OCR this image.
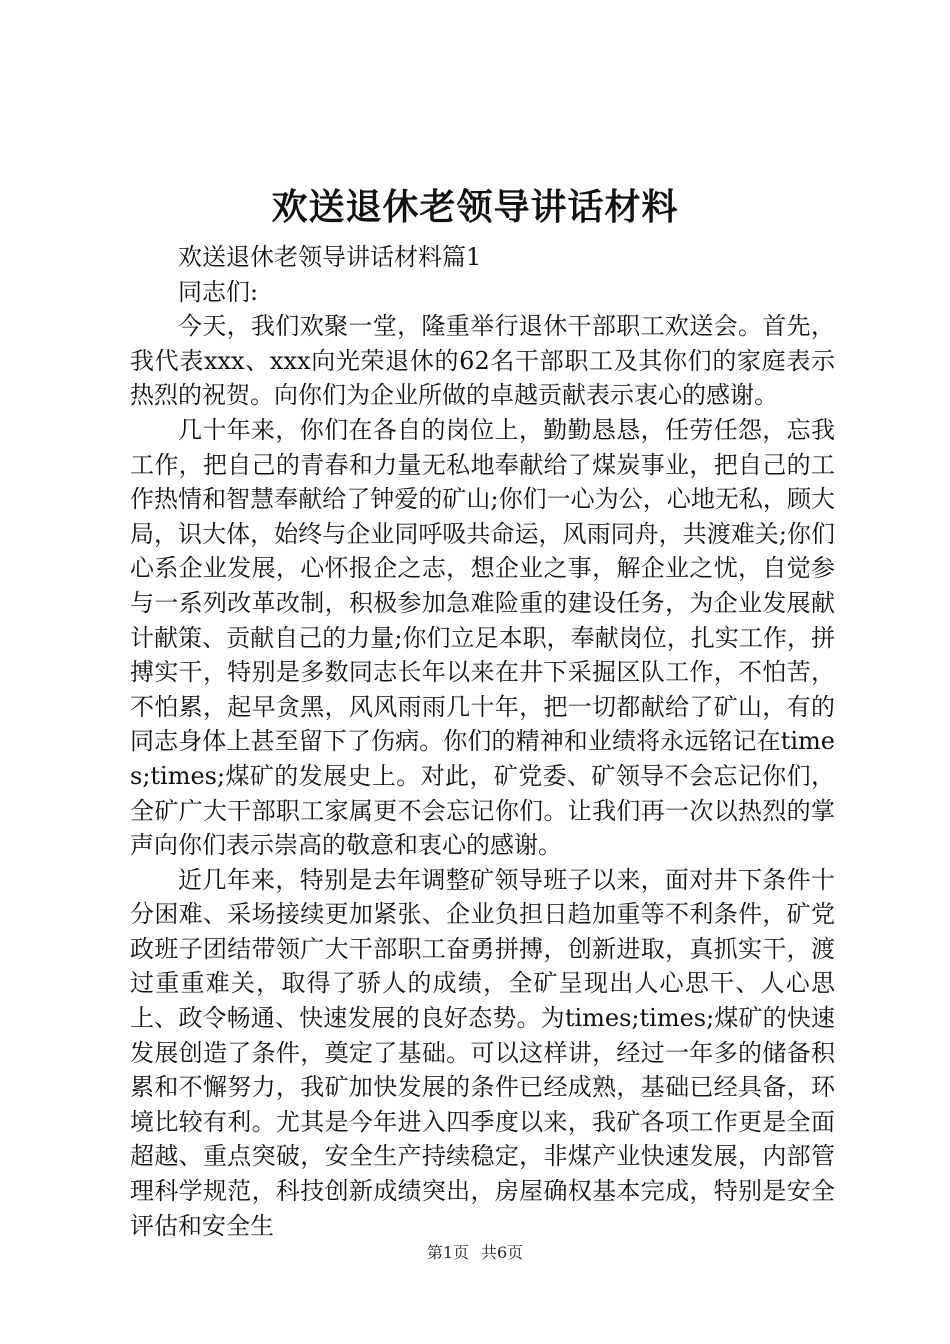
欢送退休老领导讲话材料

欢送退休老领导讲话材料篇1

同志们:

今天，我们欢聚一堂，隆重举行退休干部职工欢送会。首先，我代表xxx、xxx向光荣退休的62名干部职工及其你们的家庭表示热烈的祝贺。向你们为企业所做的卓越贡献表示衷心的感谢。

几十年来，你们在各自的岗位上，勤勤恳恳，任劳任怨，忘我工作，把自己的青春和力量无私地奉献给了煤炭事业，把自己的工作热情和智慧奉献给了钟爱的矿山;你们一心为公，心地无私，顾大局，识大体，始终与企业同呼吸共命运，风雨同舟，共渡难关;你们心系企业发展，心怀报企之志，想企业之事，解企业之忧，自觉参与一系列改革改制，积极参加急难险重的建设任务，为企业发展献计献策、贡献自己的力量;你们立足本职，奉献岗位，扎实工作，拼搏实干，特别是多数同志长年以来在井下采掘区队工作，不怕苦，不怕累，起早贪黑，风风雨雨几十年，把一切都献给了矿山，有的同志身体上甚至留下了伤病。你们的精神和业绩将永远铭记在times;times;煤矿的发展史上。对此，矿党委、矿领导不会忘记你们，全矿广大干部职工家属更不会忘记你们。让我们再一次以热烈的掌声向你们表示崇高的敬意和衷心的感谢。

近几年来，特别是去年调整矿领导班子以来，面对井下条件十分困难、采场接续更加紧张、企业负担日趋加重等不利条件，矿党政班子团结带领广大干部职工奋勇拼搏，创新进取，真抓实干，渡过重重难关，取得了骄人的成绩，全矿呈现出人心思干、人心思上、政令畅通、快速发展的良好态势。为times;times;煤矿的快速发展创造了条件，奠定了基础。可以这样讲，经过一年多的储备积累和不懈努力，我矿加快发展的条件已经成熟，基础已经具备，环境比较有利。尤其是今年进入四季度以来，我矿各项工作更是全面超越、重点突破，安全生产持续稳定，非煤产业快速发展，内部管理科学规范，科技创新成绩突出，房屋确权基本完成，特别是安全评估和安全生

第1页 共6页
